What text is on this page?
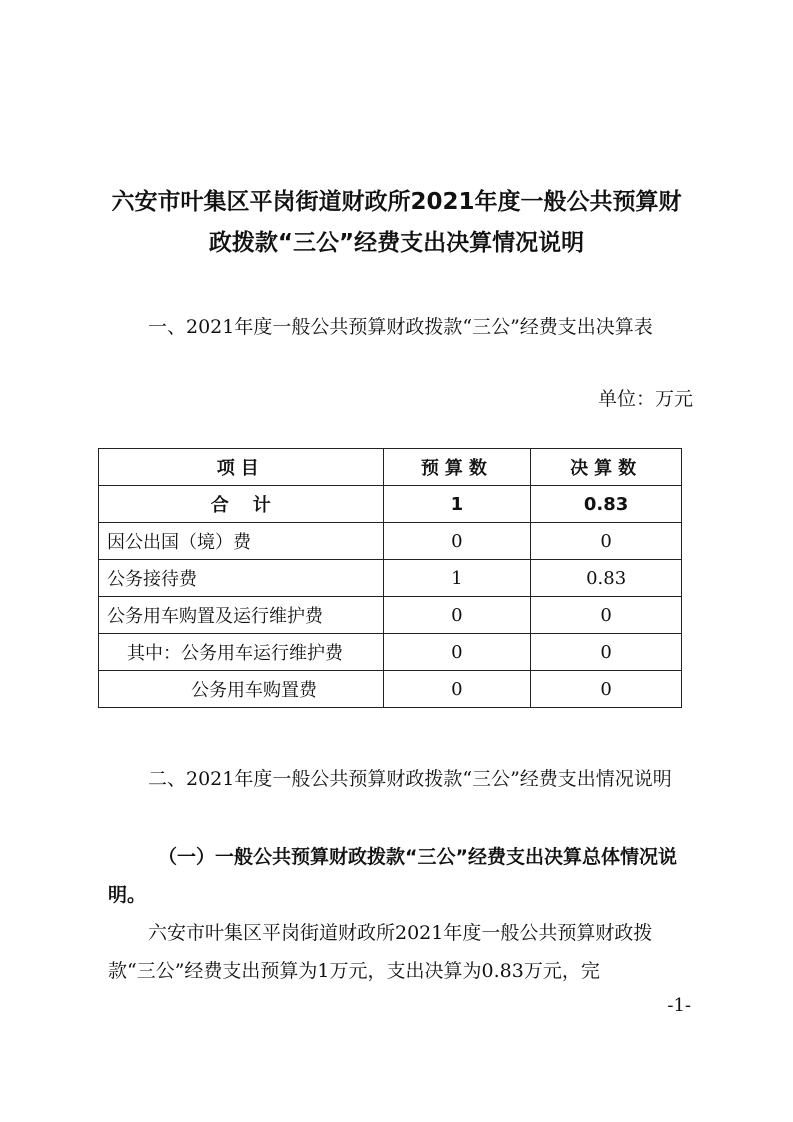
六安市叶集区平岗街道财政所2021年度一般公共预算财
政拨款“三公”经费支出决算情况说明

一、2021年度一般公共预算财政拨款“三公”经费支出决算表

单位：万元
项目	预算数	决算数
合计	1	0.83
因公出国（境）费	0	0
公务接待费	1	0.83
公务用车购置及运行维护费	0	0
其中：公务用车运行维护费	0	0
公务用车购置费	0	0

二、2021年度一般公共预算财政拨款“三公”经费支出情况说明

（一）一般公共预算财政拨款“三公”经费支出决算总体情况说明。

六安市叶集区平岗街道财政所2021年度一般公共预算财政拨款“三公”经费支出预算为1万元，支出决算为0.83万元，完

-1-
